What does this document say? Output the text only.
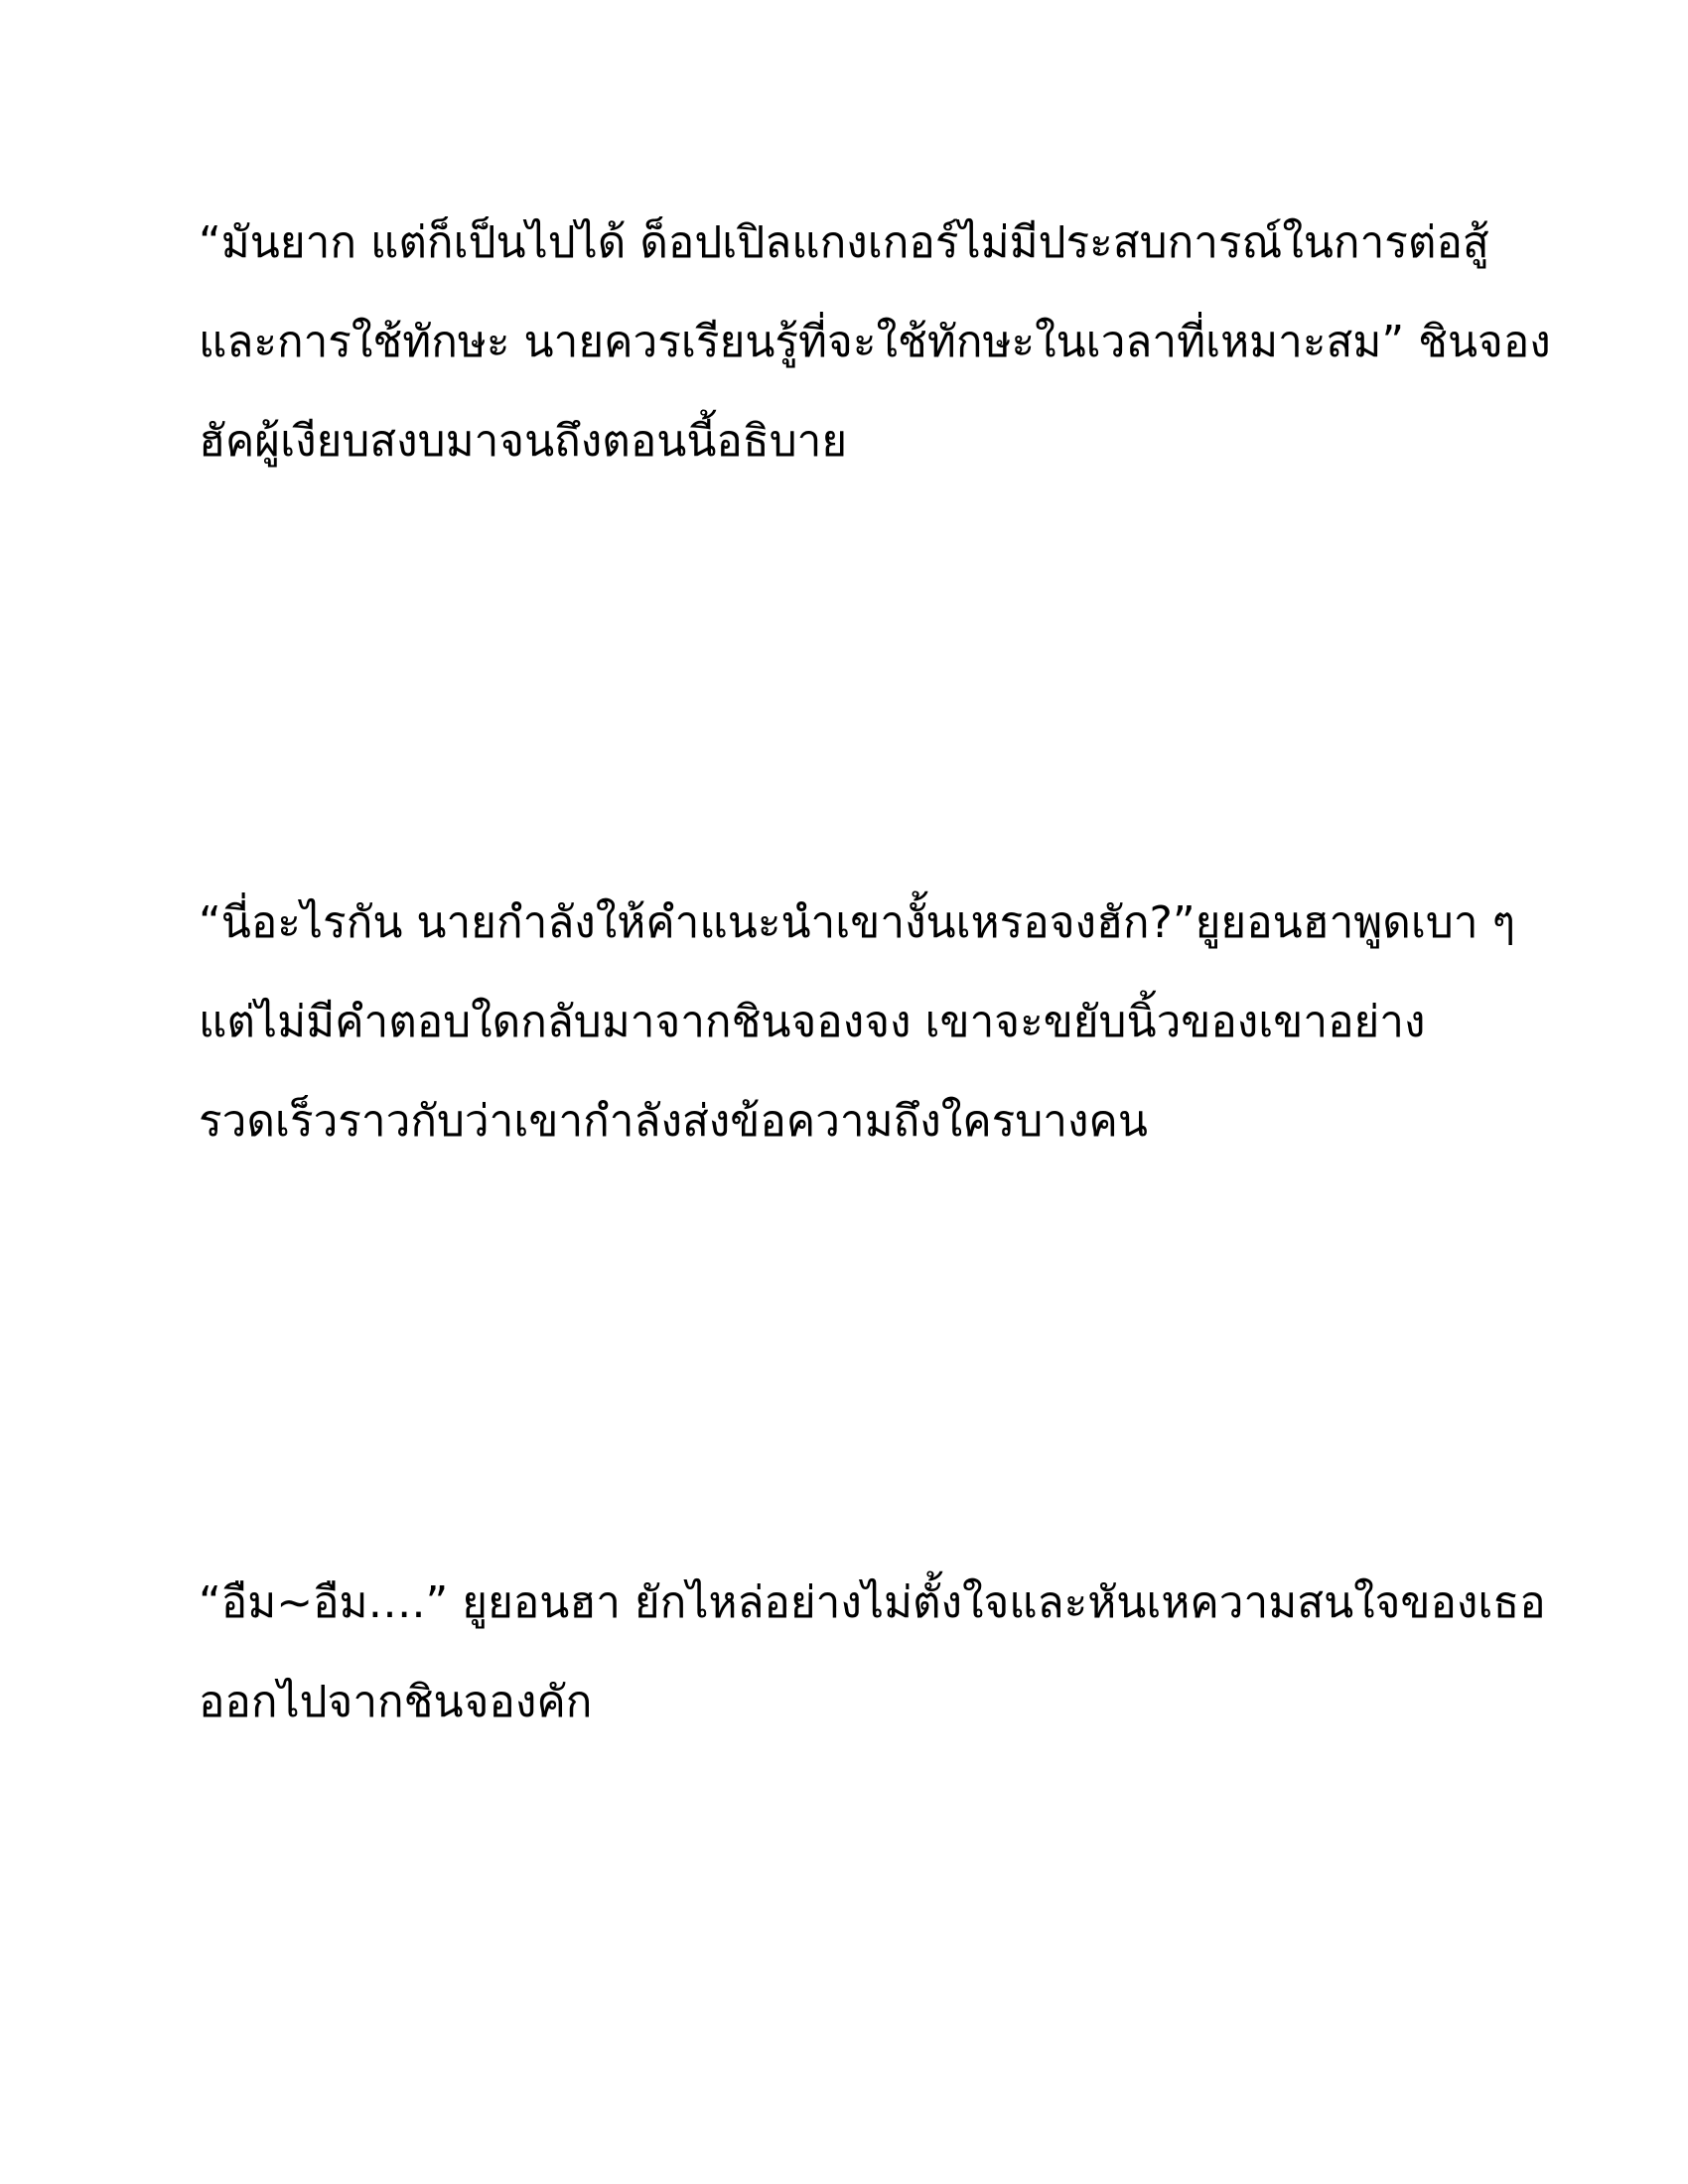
“มันยาก แต่ก็เป็นไปได้ ด็อปเปิลแกงเกอร์ไม่มีประสบการณ์ในการต่อสู้
และการใช้ทักษะ นายควรเรียนรู้ที่จะใช้ทักษะในเวลาที่เหมาะสม” ชินจอง
ฮัคผู้เงียบสงบมาจนถึงตอนนี้อธิบาย
“นี่อะไรกัน นายกำลังให้คำแนะนำเขางั้นเหรอจงฮัก?”ยูยอนฮาพูดเบา ๆ
แต่ไม่มีคำตอบใดกลับมาจากชินจองจง เขาจะขยับนิ้วของเขาอย่าง
รวดเร็วราวกับว่าเขากำลังส่งข้อความถึงใครบางคน
“อืม~อืม….” ยูยอนฮา ยักไหล่อย่างไม่ตั้งใจและหันเหความสนใจของเธอ
ออกไปจากชินจองคัก
